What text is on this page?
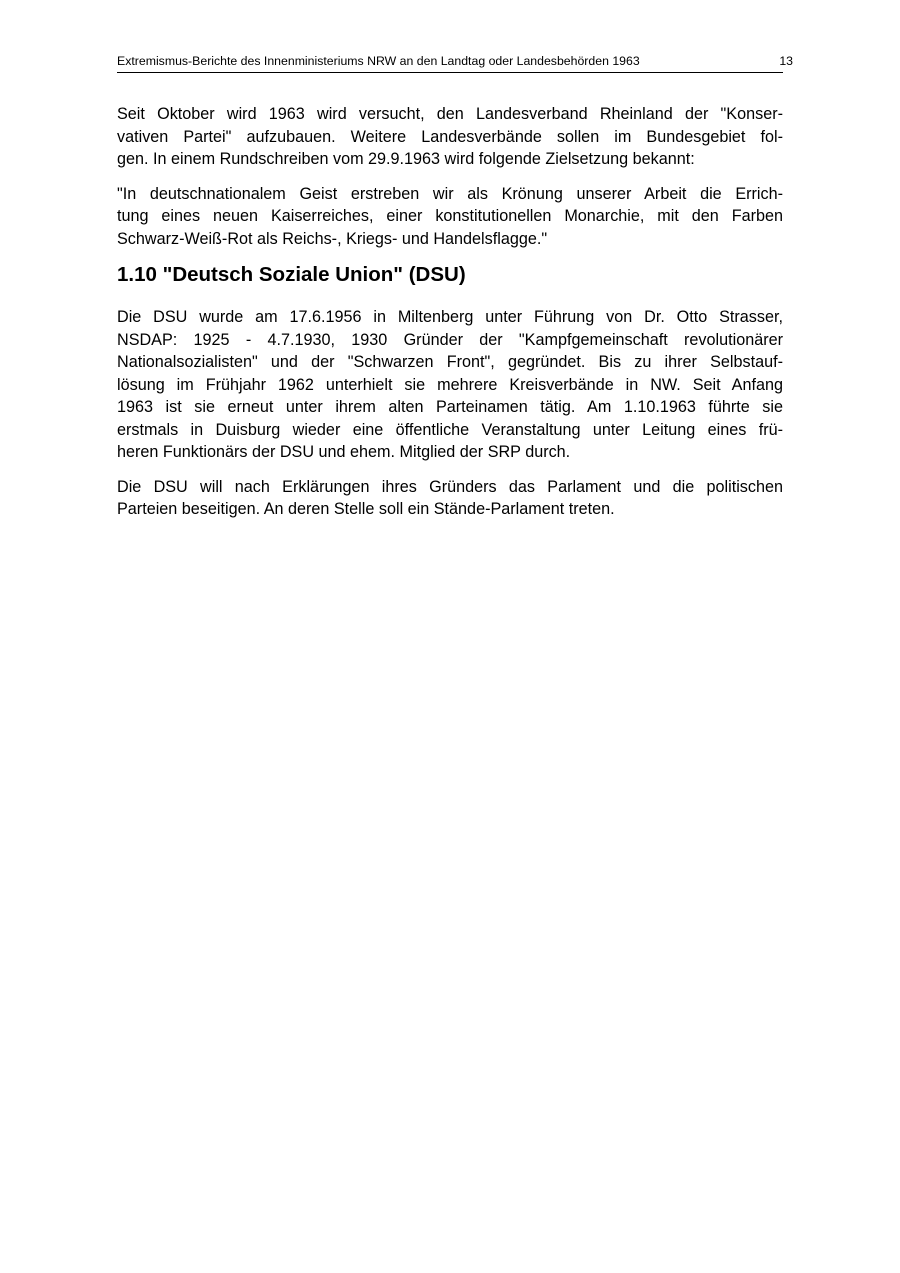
Extremismus-Berichte des Innenministeriums NRW an den Landtag oder Landesbehörden 1963	13
Seit Oktober wird 1963 wird versucht, den Landesverband Rheinland der "Konser-
vativen Partei" aufzubauen. Weitere Landesverbände sollen im Bundesgebiet fol-
gen. In einem Rundschreiben vom 29.9.1963 wird folgende Zielsetzung bekannt:
"In deutschnationalem Geist erstreben wir als Krönung unserer Arbeit die Errich-
tung eines neuen Kaiserreiches, einer konstitutionellen Monarchie, mit den Farben
Schwarz-Weiß-Rot als Reichs-, Kriegs- und Handelsflagge."
1.10 "Deutsch Soziale Union" (DSU)
Die DSU wurde am 17.6.1956 in Miltenberg unter Führung von Dr. Otto Strasser,
NSDAP: 1925 - 4.7.1930, 1930 Gründer der "Kampfgemeinschaft revolutionärer
Nationalsozialisten" und der "Schwarzen Front", gegründet. Bis zu ihrer Selbstauf-
lösung im Frühjahr 1962 unterhielt sie mehrere Kreisverbände in NW. Seit Anfang
1963 ist sie erneut unter ihrem alten Parteinamen tätig. Am 1.10.1963 führte sie
erstmals in Duisburg wieder eine öffentliche Veranstaltung unter Leitung eines frü-
heren Funktionärs der DSU und ehem. Mitglied der SRP durch.
Die DSU will nach Erklärungen ihres Gründers das Parlament und die politischen
Parteien beseitigen. An deren Stelle soll ein Stände-Parlament treten.
